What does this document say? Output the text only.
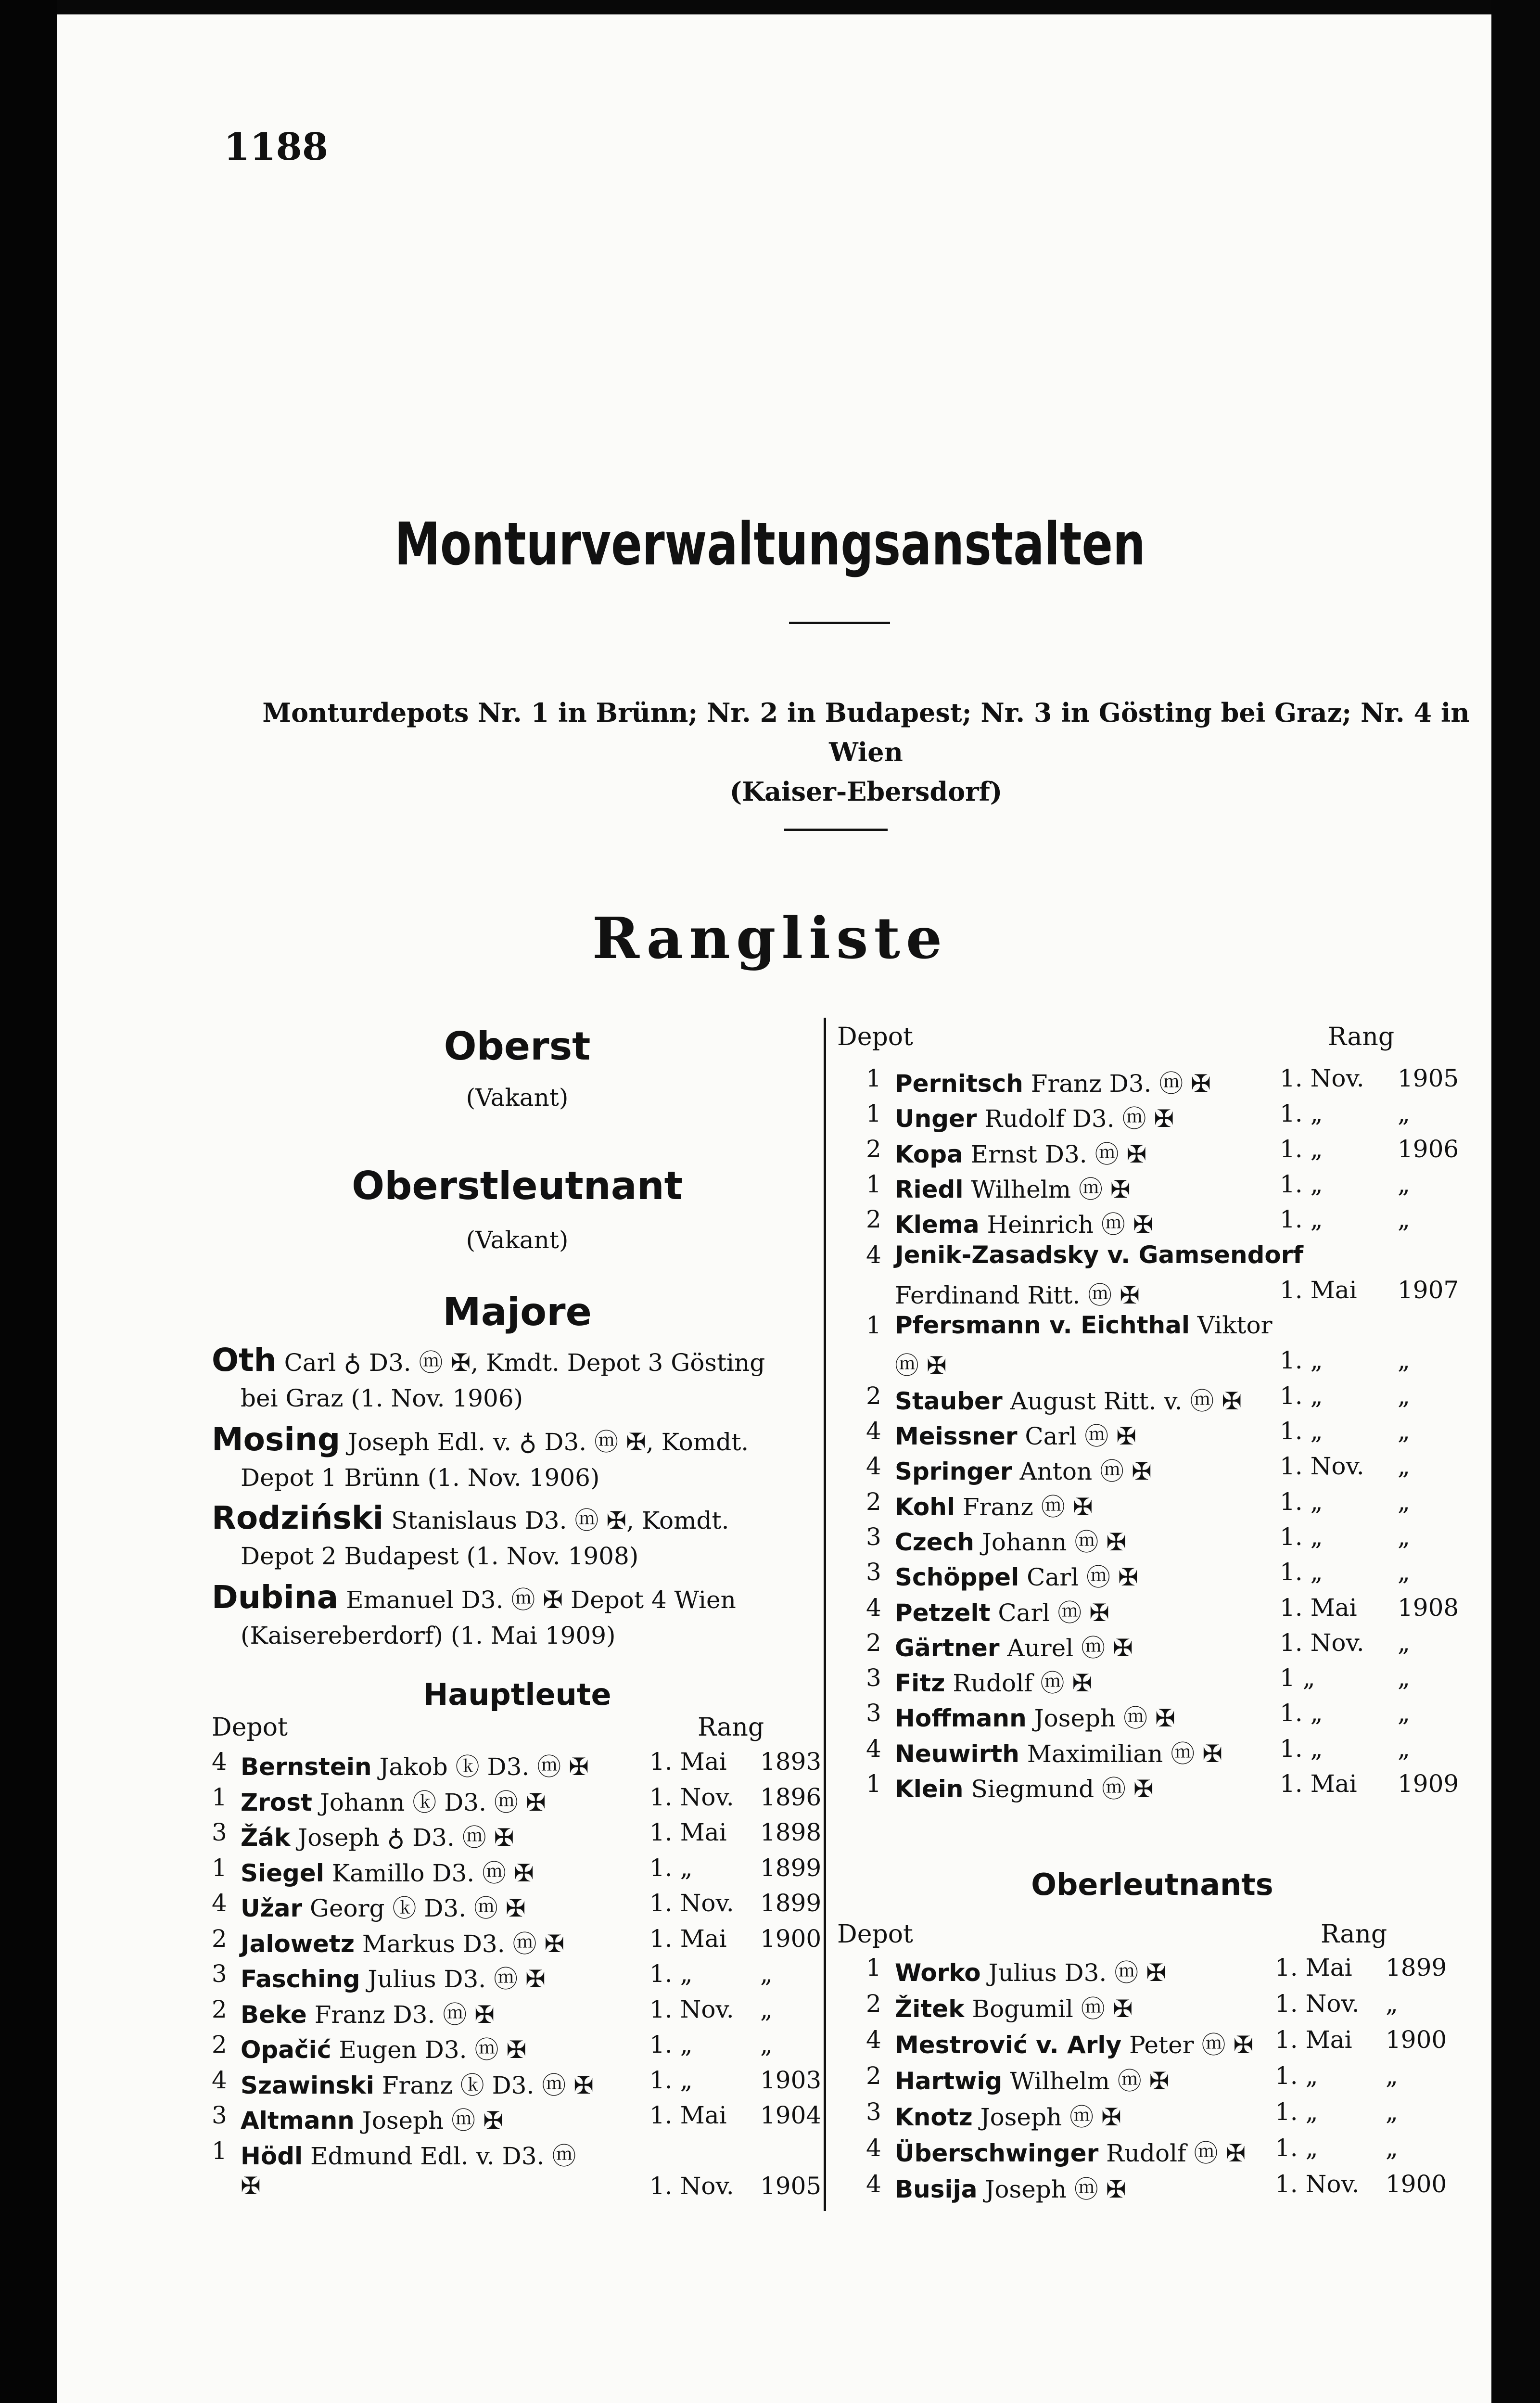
1188
Monturverwaltungsanstalten
Monturdepots Nr. 1 in Brünn; Nr. 2 in Budapest; Nr. 3 in Gösting bei Graz; Nr. 4 in Wien
(Kaiser-Ebersdorf)
Rangliste
Oberst
(Vakant)
Oberstleutnant
(Vakant)
Majore
Oth Carl ♁ D3. ⓜ ✠, Kmdt. Depot 3 Gösting
bei Graz (1. Nov. 1906)
Mosing Joseph Edl. v. ♁ D3. ⓜ ✠, Komdt.
Depot 1 Brünn (1. Nov. 1906)
Rodziński Stanislaus D3. ⓜ ✠, Komdt.
Depot 2 Budapest (1. Nov. 1908)
Dubina Emanuel D3. ⓜ ✠ Depot 4 Wien
(Kaisereberdorf) (1. Mai 1909)
Hauptleute
Depot	Rang
4 Bernstein Jakob ⓚ D3. ⓜ ✠	1. Mai 1893
1 Zrost Johann ⓚ D3. ⓜ ✠	1. Nov. 1896
3 Žák Joseph ♁ D3. ⓜ ✠	1. Mai 1898
1 Siegel Kamillo D3. ⓜ ✠	1. „	1899
4 Užar Georg ⓚ D3. ⓜ ✠	1. Nov. 1899
2 Jalowetz Markus D3. ⓜ ✠	1. Mai 1900
3 Fasching Julius D3. ⓜ ✠	1. „	„
2 Beke Franz D3. ⓜ ✠	1. Nov. „
2 Opačić Eugen D3. ⓜ ✠	1. „	„
4 Szawinski Franz ⓚ D3. ⓜ ✠ 1. „	1903
3 Altmann Joseph ⓜ ✠	1. Mai 1904
1 Hödl Edmund Edl. v. D3. ⓜ
✠	1. Nov. 1905
Depot	Rang
1 Pernitsch Franz D3. ⓜ ✠	1. Nov. 1905
1 Unger Rudolf D3. ⓜ ✠	1. „	„
2 Kopa Ernst D3. ⓜ ✠	1. „	1906
1 Riedl Wilhelm ⓜ ✠	1. „	„
2 Klema Heinrich ⓜ ✠	1. „	„
4 Jenik-Zasadsky v. Gamsendorf
Ferdinand Ritt. ⓜ ✠	1. Mai 1907
1 Pfersmann v. Eichthal Viktor
ⓜ ✠	1. „	„
2 Stauber August Ritt. v. ⓜ ✠ 1. „	„
4 Meissner Carl ⓜ ✠	1. „	„
4 Springer Anton ⓜ ✠	1. Nov. „
2 Kohl Franz ⓜ ✠	1. „	„
3 Czech Johann ⓜ ✠	1. „	„
3 Schöppel Carl ⓜ ✠	1. „	„
4 Petzelt Carl ⓜ ✠	1. Mai 1908
2 Gärtner Aurel ⓜ ✠	1. Nov. „
3 Fitz Rudolf ⓜ ✠	1 „	„
3 Hoffmann Joseph ⓜ ✠	1. „	„
4 Neuwirth Maximilian ⓜ ✠ 1. „	„
1 Klein Siegmund ⓜ ✠	1. Mai 1909
Oberleutnants
Depot	Rang
1 Worko Julius D3. ⓜ ✠	1. Mai 1899
2 Žitek Bogumil ⓜ ✠	1. Nov. „
4 Mestrović v. Arly Peter ⓜ ✠ 1. Mai 1900
2 Hartwig Wilhelm ⓜ ✠	1. „	„
3 Knotz Joseph ⓜ ✠	1. „	„
4 Überschwinger Rudolf ⓜ ✠ 1. „	„
4 Busija Joseph ⓜ ✠	1. Nov. 1900
